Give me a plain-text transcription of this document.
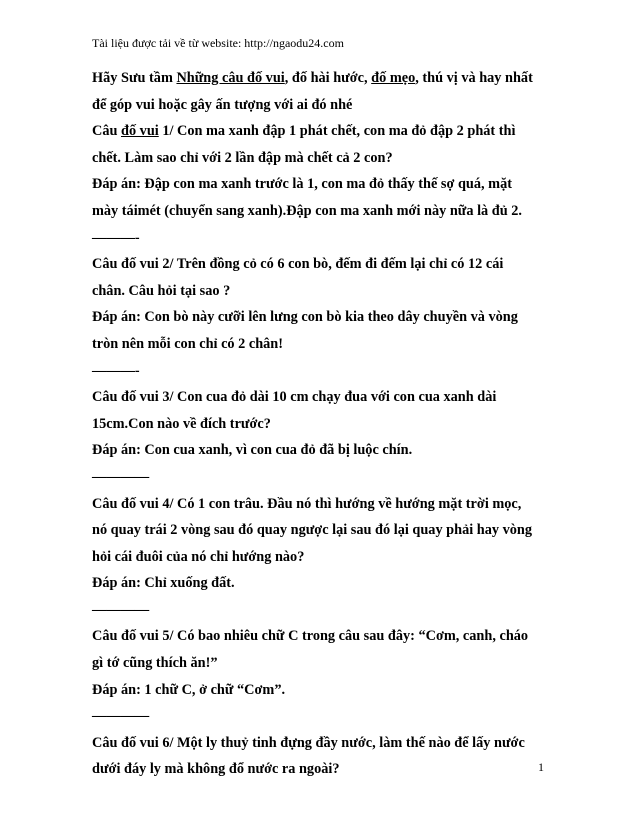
Tài liệu được tải về từ website: http://ngaodu24.com
Hãy Sưu tầm Những câu đố vui, đố hài hước, đố mẹo, thú vị và hay nhất
để góp vui hoặc gây ấn tượng với ai đó nhé
Câu đố vui 1/ Con ma xanh đập 1 phát chết, con ma đỏ đập 2 phát thì
chết. Làm sao chỉ với 2 lần đập mà chết cả 2 con?
Đáp án: Đập con ma xanh trước là 1, con ma đỏ thấy thế sợ quá, mặt
mày táimét (chuyển sang xanh).Đập con ma xanh mới này nữa là đủ 2.
———-
Câu đố vui 2/ Trên đồng cỏ có 6 con bò, đếm đi đếm lại chỉ có 12 cái
chân. Câu hỏi tại sao ?
Đáp án: Con bò này cưỡi lên lưng con bò kia theo dây chuyền và vòng
tròn nên mỗi con chỉ có 2 chân!
———-
Câu đố vui 3/ Con cua đỏ dài 10 cm chạy đua với con cua xanh dài
15cm.Con nào về đích trước?
Đáp án: Con cua xanh, vì con cua đỏ đã bị luộc chín.
————
Câu đố vui 4/ Có 1 con trâu. Đầu nó thì hướng về hướng mặt trời mọc,
nó quay trái 2 vòng sau đó quay ngược lại sau đó lại quay phải hay vòng
hỏi cái đuôi của nó chỉ hướng nào?
Đáp án: Chỉ xuống đất.
————
Câu đố vui 5/ Có bao nhiêu chữ C trong câu sau đây: “Cơm, canh, cháo
gì tớ cũng thích ăn!”
Đáp án: 1 chữ C, ở chữ “Cơm”.
————
Câu đố vui 6/ Một ly thuỷ tinh đựng đầy nước, làm thế nào để lấy nước
dưới đáy ly mà không đổ nước ra ngoài?	1
